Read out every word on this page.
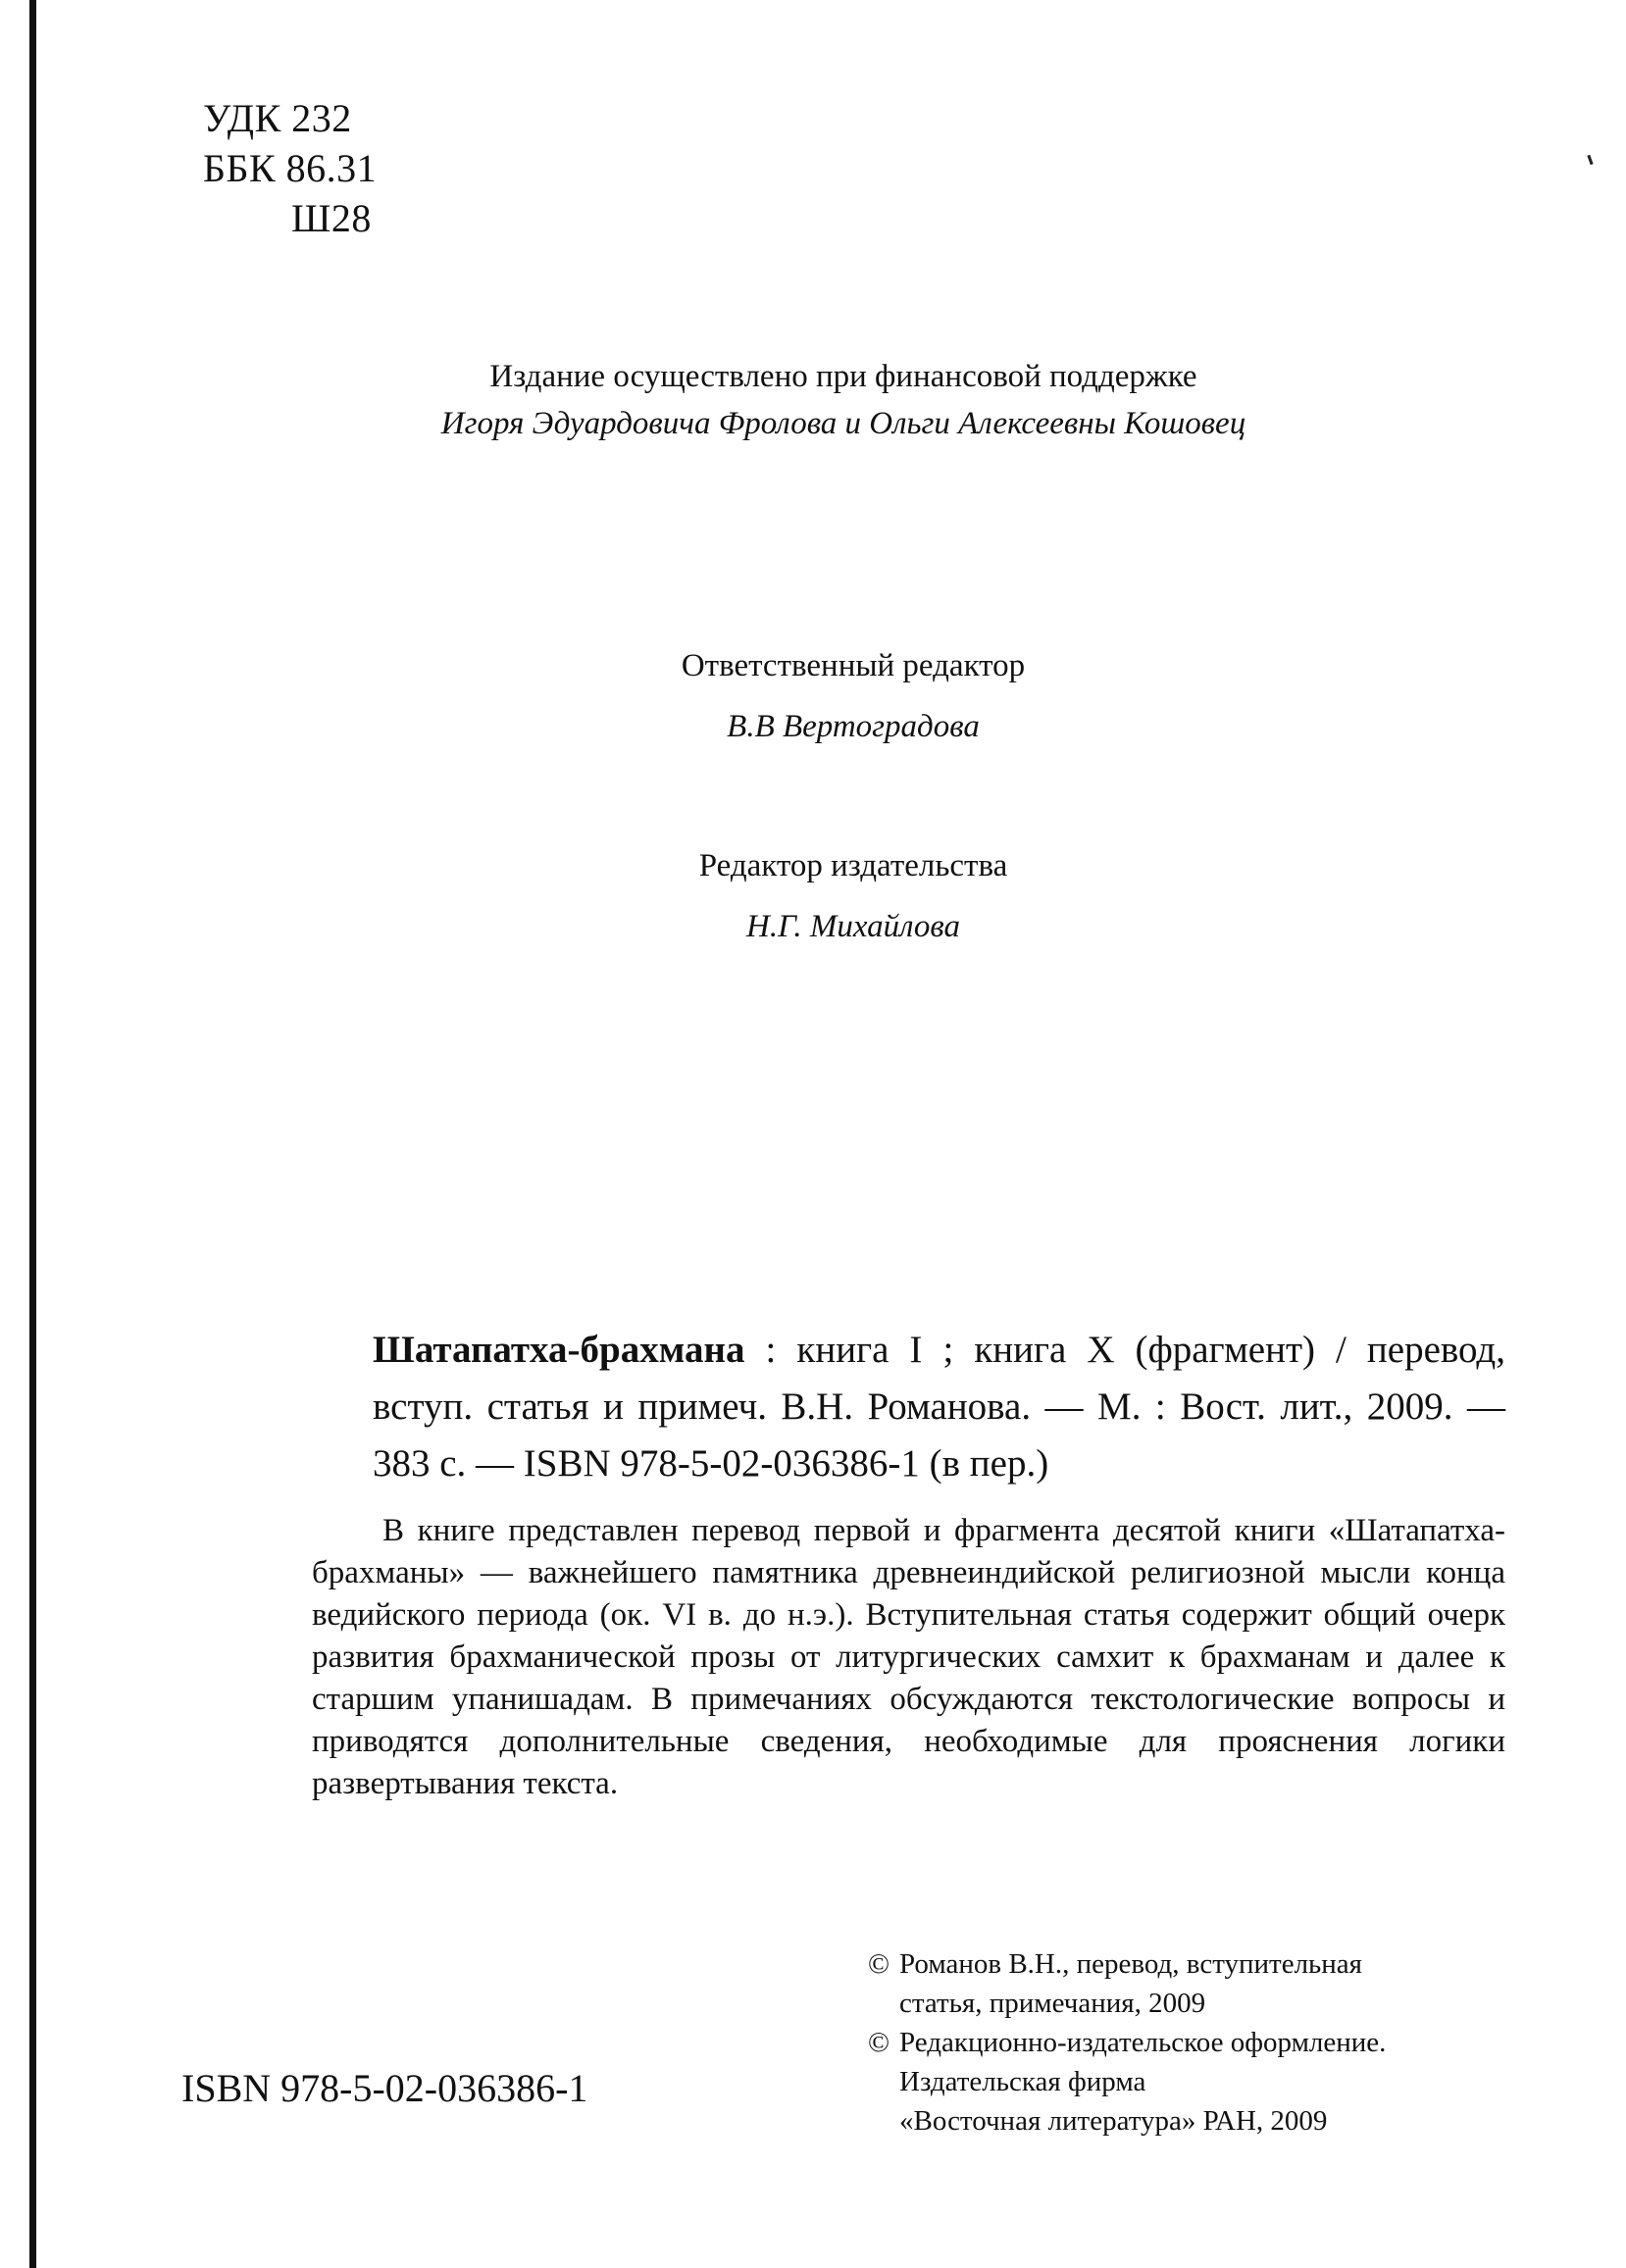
УДК 232
ББК 86.31
Ш28
Издание осуществлено при финансовой поддержке
Игоря Эдуардовича Фролова и Ольги Алексеевны Кошовец
Ответственный редактор
В.В Вертоградова
Редактор издательства
Н.Г. Михайлова
Шатапатха-брахмана : книга I ; книга X (фрагмент) / перевод, вступ. статья и примеч. В.Н. Романова. — М. : Вост. лит., 2009. — 383 с. — ISBN 978-5-02-036386-1 (в пер.)
В книге представлен перевод первой и фрагмента десятой книги «Шатапатха-брахманы» — важнейшего памятника древнеиндийской религиозной мысли конца ведийского периода (ок. VI в. до н.э.). Вступительная статья содержит общий очерк развития брахманической прозы от литургических самхит к брахманам и далее к старшим упанишадам. В примечаниях обсуждаются текстологические вопросы и приводятся дополнительные сведения, необходимые для прояснения логики развертывания текста.
© Романов В.Н., перевод, вступительная
статья, примечания, 2009
© Редакционно-издательское оформление.
Издательская фирма
«Восточная литература» РАН, 2009
ISBN 978-5-02-036386-1
